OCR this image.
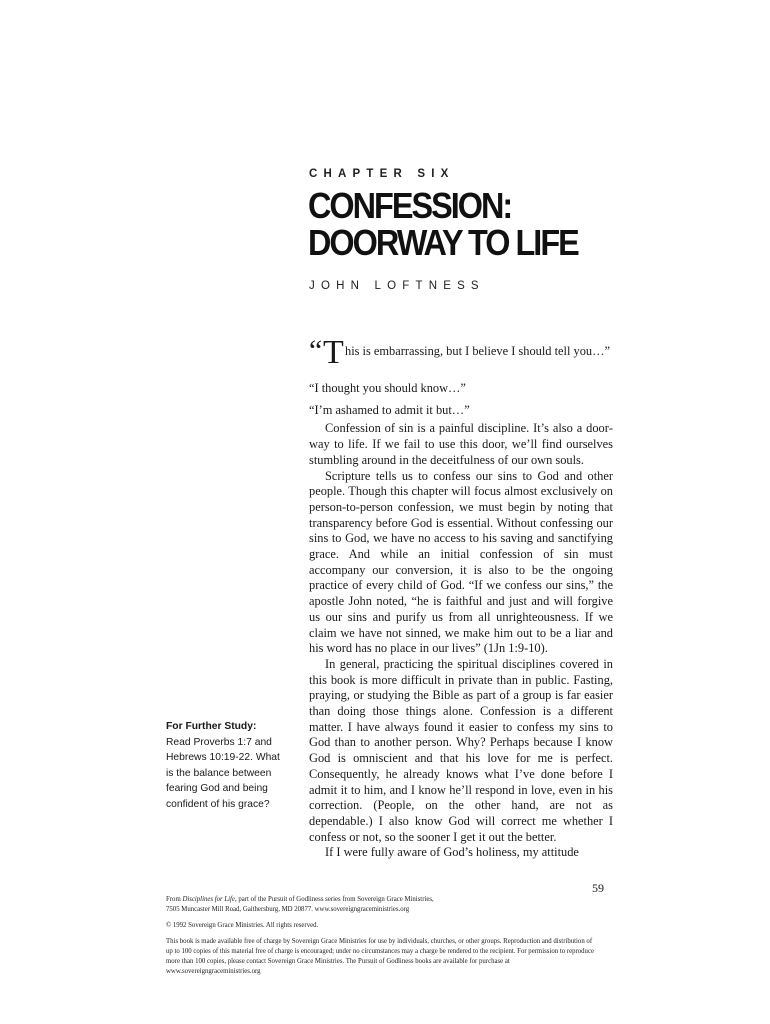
CHAPTER SIX
CONFESSION:
DOORWAY TO LIFE
JOHN LOFTNESS

“ T his is embarrassing, but I believe I should tell you…”

“I thought you should know…”

“I’m ashamed to admit it but…”

Confession of sin is a painful discipline. It’s also a doorway to life. If we fail to use this door, we’ll find ourselves stumbling around in the deceitfulness of our own souls.

Scripture tells us to confess our sins to God and other people. Though this chapter will focus almost exclusively on person-to-person confession, we must begin by noting that transparency before God is essential. Without confessing our sins to God, we have no access to his saving and sanctifying grace. And while an initial confession of sin must accompany our conversion, it is also to be the ongoing practice of every child of God. “If we confess our sins,” the apostle John noted, “he is faithful and just and will forgive us our sins and purify us from all unrighteousness. If we claim we have not sinned, we make him out to be a liar and his word has no place in our lives” (1Jn 1:9-10).

In general, practicing the spiritual disciplines covered in this book is more difficult in private than in public. Fasting, praying, or studying the Bible as part of a group is far easier than doing those things alone. Confession is a different matter. I have always found it easier to confess my sins to God than to another person. Why? Perhaps because I know God is omniscient and that his love for me is perfect. Consequently, he already knows what I’ve done before I admit it to him, and I know he’ll respond in love, even in his correction. (People, on the other hand, are not as dependable.) I also know God will correct me whether I confess or not, so the sooner I get it out the better.

If I were fully aware of God’s holiness, my attitude

For Further Study:
Read Proverbs 1:7 and Hebrews 10:19-22. What is the balance between fearing God and being confident of his grace?
59

From Disciplines for Life, part of the Pursuit of Godliness series from Sovereign Grace Ministries,

7505 Muncaster Mill Road, Gaithersburg, MD 20877. www.sovereigngraceministries.org

© 1992 Sovereign Grace Ministries. All rights reserved.

This book is made available free of charge by Sovereign Grace Ministries for use by individuals, churches, or other groups. Reproduction and distribution of up to 100 copies of this material free of charge is encouraged; under no circumstances may a charge be rendered to the recipient. For permission to reproduce more than 100 copies, please contact Sovereign Grace Ministries. The Pursuit of Godliness books are available for purchase at www.sovereigngraceministries.org
